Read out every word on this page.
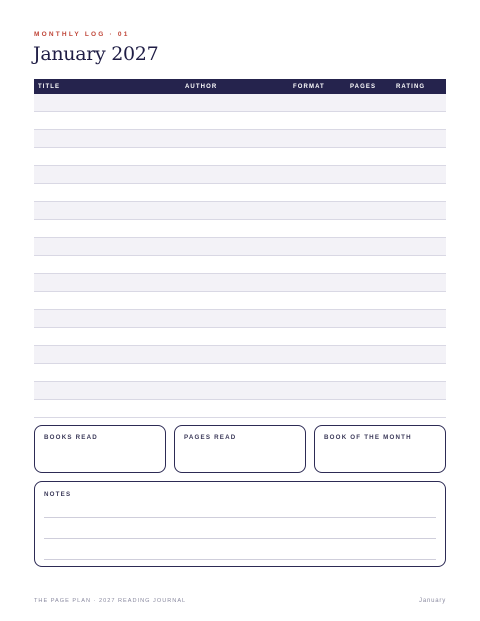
MONTHLY LOG · 01
January 2027
TITLE	AUTHOR	FORMAT	PAGES	RATING
BOOKS READ	PAGES READ	BOOK OF THE MONTH
NOTES
THE PAGE PLAN · 2027 READING JOURNAL	January
